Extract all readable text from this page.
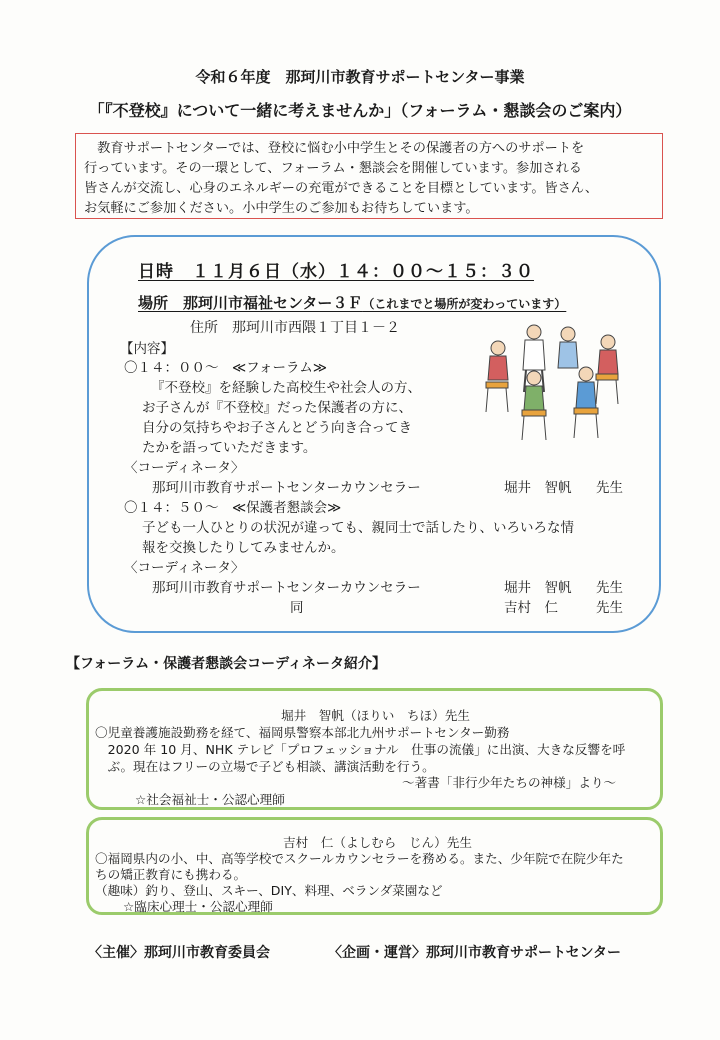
令和６年度　那珂川市教育サポートセンター事業
「『不登校』について一緒に考えませんか」（フォーラム・懇談会のご案内）
　教育サポートセンターでは、登校に悩む小中学生とその保護者の方へのサポートを
行っています。その一環として、フォーラム・懇談会を開催しています。参加される
皆さんが交流し、心身のエネルギーの充電ができることを目標としています。皆さん、
お気軽にご参加ください。小中学生のご参加もお待ちしています。
日時　１１月６日（水）１４：００～１５：３０
場所　那珂川市福祉センター３Ｆ（これまでと場所が変わっています）
住所　那珂川市西隈１丁目１－２
【内容】
〇１４：００～　≪フォーラム≫
『不登校』を経験した高校生や社会人の方、
お子さんが『不登校』だった保護者の方に、
自分の気持ちやお子さんとどう向き合ってき
たかを語っていただきます。
〈コーディネータ〉
那珂川市教育サポートセンターカウンセラー	堀井　智帆 先生
〇１４：５０～　≪保護者懇談会≫
子ども一人ひとりの状況が違っても、親同士で話したり、いろいろな情
報を交換したりしてみませんか。
〈コーディネータ〉
那珂川市教育サポートセンターカウンセラー	堀井　智帆 先生
同	吉村　仁	先生
【フォーラム・保護者懇談会コーディネータ紹介】
堀井　智帆（ほりい　ちほ）先生
〇児童養護施設勤務を経て、福岡県警察本部北九州サポートセンター勤務
　2020 年 10 月、NHK テレビ「プロフェッショナル　仕事の流儀」に出演、大きな反響を呼
　ぶ。現在はフリーの立場で子ども相談、講演活動を行う。
～著書「非行少年たちの神様」より～
☆社会福祉士・公認心理師
吉村　仁（よしむら　じん）先生
〇福岡県内の小、中、高等学校でスクールカウンセラーを務める。また、少年院で在院少年た
ちの矯正教育にも携わる。
（趣味）釣り、登山、スキー、DIY、料理、ベランダ菜園など
☆臨床心理士・公認心理師
〈主催〉那珂川市教育委員会	〈企画・運営〉那珂川市教育サポートセンター
